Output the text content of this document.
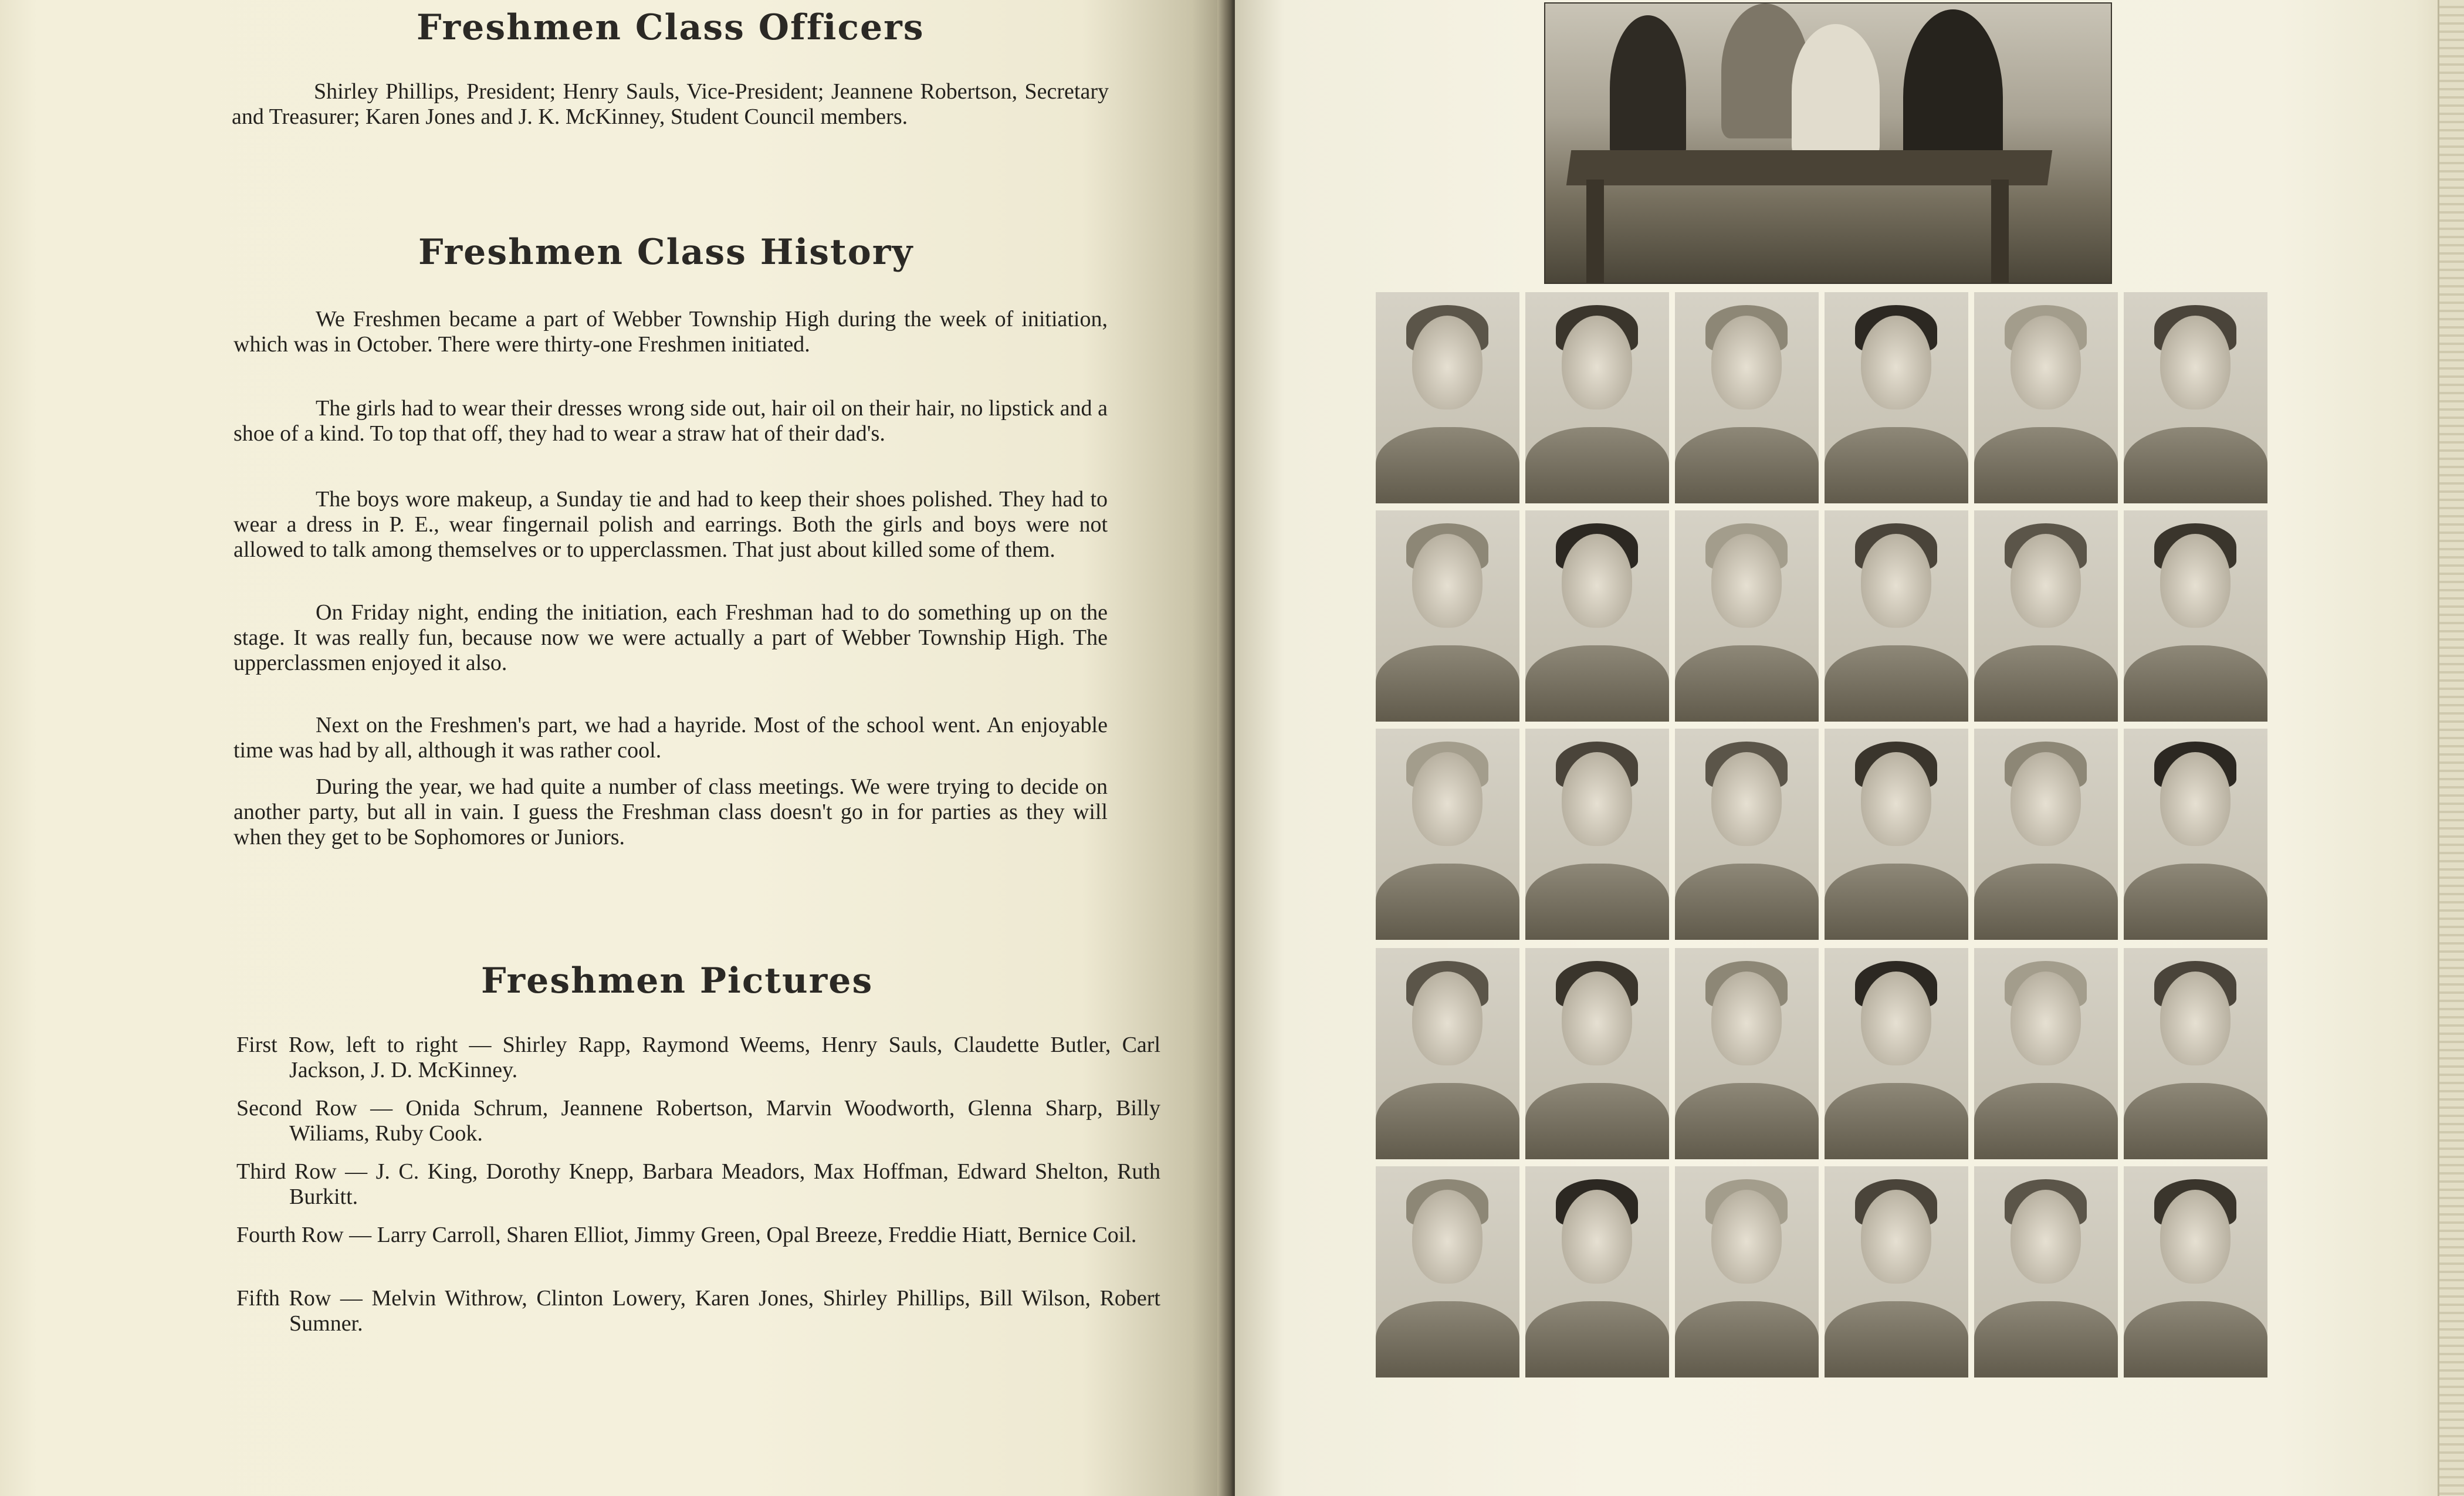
Freshmen Class Officers
Shirley Phillips, President; Henry Sauls, Vice-President; Jeannene Robertson, Secretary and Treasurer; Karen Jones and J. K. McKinney, Student Council members.
Freshmen Class History
We Freshmen became a part of Webber Township High during the week of initiation, which was in October. There were thirty-one Freshmen initiated.
The girls had to wear their dresses wrong side out, hair oil on their hair, no lipstick and a shoe of a kind. To top that off, they had to wear a straw hat of their dad's.
The boys wore makeup, a Sunday tie and had to keep their shoes polished. They had to wear a dress in P. E., wear fingernail polish and earrings. Both the girls and boys were not allowed to talk among themselves or to upperclassmen. That just about killed some of them.
On Friday night, ending the initiation, each Freshman had to do something up on the stage. It was really fun, because now we were actually a part of Webber Township High. The upperclassmen enjoyed it also.
Next on the Freshmen's part, we had a hayride. Most of the school went. An enjoyable time was had by all, although it was rather cool.
During the year, we had quite a number of class meetings. We were trying to decide on another party, but all in vain. I guess the Freshman class doesn't go in for parties as they will when they get to be Sophomores or Juniors.
Freshmen Pictures
First Row, left to right — Shirley Rapp, Raymond Weems, Henry Sauls, Claudette Butler, Carl Jackson, J. D. McKinney.
Second Row — Onida Schrum, Jeannene Robertson, Marvin Woodworth, Glenna Sharp, Billy Wiliams, Ruby Cook.
Third Row — J. C. King, Dorothy Knepp, Barbara Meadors, Max Hoffman, Edward Shelton, Ruth Burkitt.
Fourth Row — Larry Carroll, Sharen Elliot, Jimmy Green, Opal Breeze, Freddie Hiatt, Bernice Coil.
Fifth Row — Melvin Withrow, Clinton Lowery, Karen Jones, Shirley Phillips, Bill Wilson, Robert Sumner.
